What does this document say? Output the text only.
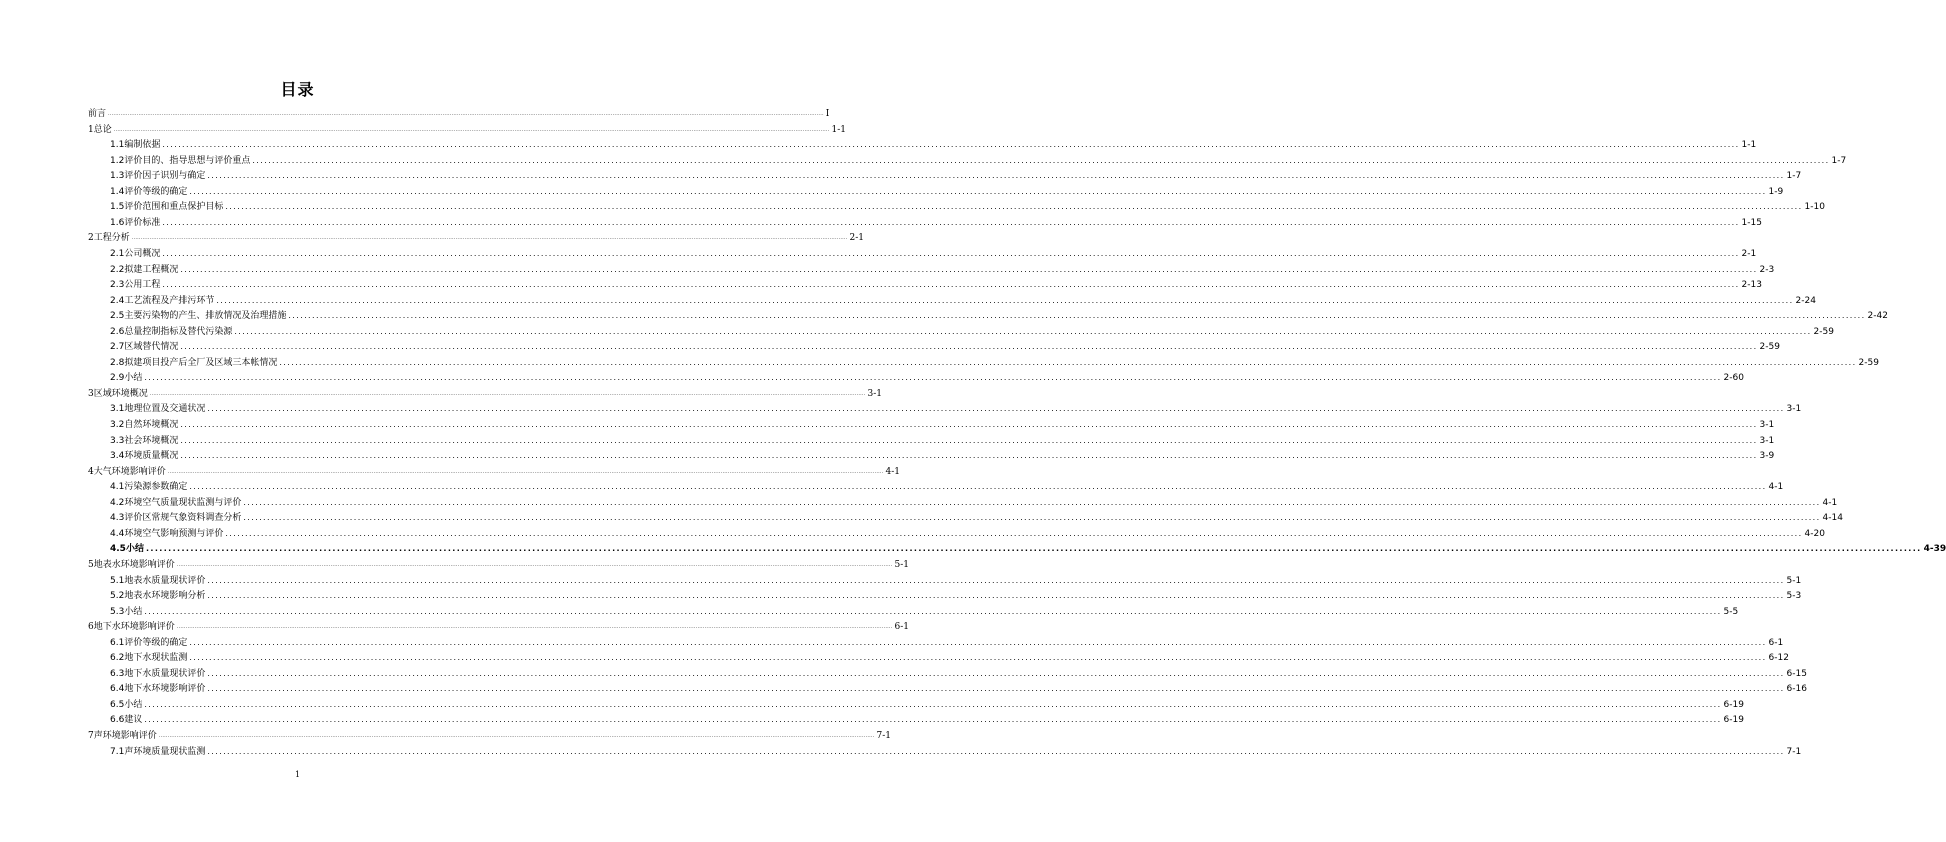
目录
前 言 ................................................................................................................................................................................................................................................................................................................................................................................................................ I
1 总论 ................................................................................................................................................................................................................................................................................................................................................................................................................ 1-1
1.1 编制依据 ................................................................................................................................................................................................................................................................................................................................................................................................................ 1-1
1.2 评价目的、指导思想与评价重点 ................................................................................................................................................................................................................................................................................................................................................................................................................ 1-7
1.3 评价因子识别与确定 ................................................................................................................................................................................................................................................................................................................................................................................................................ 1-7
1.4 评价等级的确定 ................................................................................................................................................................................................................................................................................................................................................................................................................ 1-9
1.5 评价范围和重点保护目标 ................................................................................................................................................................................................................................................................................................................................................................................................................ 1-10
1.6 评价标准 ................................................................................................................................................................................................................................................................................................................................................................................................................ 1-15
2 工程分析 ................................................................................................................................................................................................................................................................................................................................................................................................................ 2-1
2.1 公司概况 ................................................................................................................................................................................................................................................................................................................................................................................................................ 2-1
2.2 拟建工程概况 ................................................................................................................................................................................................................................................................................................................................................................................................................ 2-3
2.3 公用工程 ................................................................................................................................................................................................................................................................................................................................................................................................................ 2-13
2.4 工艺流程及产排污环节 ................................................................................................................................................................................................................................................................................................................................................................................................................ 2-24
2.5 主要污染物的产生、排放情况及治理措施 ................................................................................................................................................................................................................................................................................................................................................................................................................ 2-42
2.6 总量控制指标及替代污染源 ................................................................................................................................................................................................................................................................................................................................................................................................................ 2-59
2.7 区域替代情况 ................................................................................................................................................................................................................................................................................................................................................................................................................ 2-59
2.8 拟建项目投产后全厂及区域三本帐情况 ................................................................................................................................................................................................................................................................................................................................................................................................................ 2-59
2.9 小结 ................................................................................................................................................................................................................................................................................................................................................................................................................ 2-60
3 区域环境概况 ................................................................................................................................................................................................................................................................................................................................................................................................................ 3-1
3.1 地理位置及交通状况 ................................................................................................................................................................................................................................................................................................................................................................................................................ 3-1
3.2 自然环境概况 ................................................................................................................................................................................................................................................................................................................................................................................................................ 3-1
3.3 社会环境概况 ................................................................................................................................................................................................................................................................................................................................................................................................................ 3-1
3.4 环境质量概况 ................................................................................................................................................................................................................................................................................................................................................................................................................ 3-9
4 大气环境影响评价 ................................................................................................................................................................................................................................................................................................................................................................................................................ 4-1
4.1 污染源参数确定 ................................................................................................................................................................................................................................................................................................................................................................................................................ 4-1
4.2 环境空气质量现状监测与评价 ................................................................................................................................................................................................................................................................................................................................................................................................................ 4-1
4.3 评价区常规气象资料调查分析 ................................................................................................................................................................................................................................................................................................................................................................................................................ 4-14
4.4 环境空气影响预测与评价 ................................................................................................................................................................................................................................................................................................................................................................................................................ 4-20
4.5 小结 ................................................................................................................................................................................................................................................................................................................................................................................................................ 4-39
5 地表水环境影响评价 ................................................................................................................................................................................................................................................................................................................................................................................................................ 5-1
5.1 地表水质量现状评价 ................................................................................................................................................................................................................................................................................................................................................................................................................ 5-1
5.2 地表水环境影响分析 ................................................................................................................................................................................................................................................................................................................................................................................................................ 5-3
5.3 小结 ................................................................................................................................................................................................................................................................................................................................................................................................................ 5-5
6 地下水环境影响评价 ................................................................................................................................................................................................................................................................................................................................................................................................................ 6-1
6.1 评价等级的确定 ................................................................................................................................................................................................................................................................................................................................................................................................................ 6-1
6.2 地下水现状监测 ................................................................................................................................................................................................................................................................................................................................................................................................................ 6-12
6.3 地下水质量现状评价 ................................................................................................................................................................................................................................................................................................................................................................................................................ 6-15
6.4 地下水环境影响评价 ................................................................................................................................................................................................................................................................................................................................................................................................................ 6-16
6.5 小结 ................................................................................................................................................................................................................................................................................................................................................................................................................ 6-19
6.6 建议 ................................................................................................................................................................................................................................................................................................................................................................................................................ 6-19
7 声环境影响评价 ................................................................................................................................................................................................................................................................................................................................................................................................................ 7-1
7.1 声环境质量现状监测 ................................................................................................................................................................................................................................................................................................................................................................................................................ 7-1
1
